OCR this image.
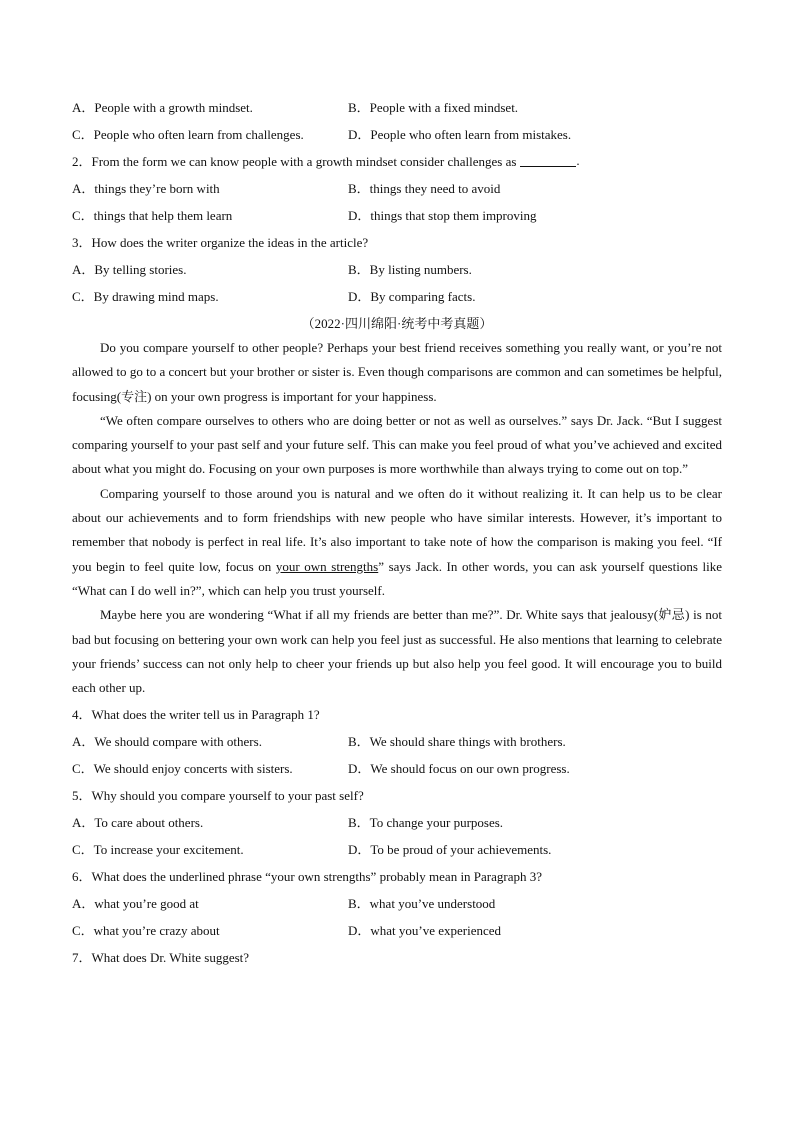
A．People with a growth mindset.	B．People with a fixed mindset.
C．People who often learn from challenges.	D．People who often learn from mistakes.
2．From the form we can know people with a growth mindset consider challenges as	.
A．things they’re born with	B．things they need to avoid
C．things that help them learn	D．things that stop them improving
3．How does the writer organize the ideas in the article?
A．By telling stories.	B．By listing numbers.
C．By drawing mind maps.	D．By comparing facts.
（2022·四川绵阳·统考中考真题）

Do you compare yourself to other people? Perhaps your best friend receives something you really want, or you’re not allowed to go to a concert but your brother or sister is. Even though comparisons are common and can sometimes be helpful, focusing(专注) on your own progress is important for your happiness.

“We often compare ourselves to others who are doing better or not as well as ourselves.” says Dr. Jack. “But I suggest comparing yourself to your past self and your future self. This can make you feel proud of what you’ve achieved and excited about what you might do. Focusing on your own purposes is more worthwhile than always trying to come out on top.”

Comparing yourself to those around you is natural and we often do it without realizing it. It can help us to be clear about our achievements and to form friendships with new people who have similar interests. However, it’s important to remember that nobody is perfect in real life. It’s also important to take note of how the comparison is making you feel. “If you begin to feel quite low, focus on your own strengths” says Jack. In other words, you can ask yourself questions like “What can I do well in?”, which can help you trust yourself.

Maybe here you are wondering “What if all my friends are better than me?”. Dr. White says that jealousy(妒忌) is not bad but focusing on bettering your own work can help you feel just as successful. He also mentions that learning to celebrate your friends’ success can not only help to cheer your friends up but also help you feel good. It will encourage you to build each other up.

4．What does the writer tell us in Paragraph 1?
A．We should compare with others.	B．We should share things with brothers.
C．We should enjoy concerts with sisters.	D．We should focus on our own progress.
5．Why should you compare yourself to your past self?
A．To care about others.	B．To change your purposes.
C．To increase your excitement.	D．To be proud of your achievements.
6．What does the underlined phrase “your own strengths” probably mean in Paragraph 3?
A．what you’re good at	B．what you’ve understood
C．what you’re crazy about	D．what you’ve experienced
7．What does Dr. White suggest?
